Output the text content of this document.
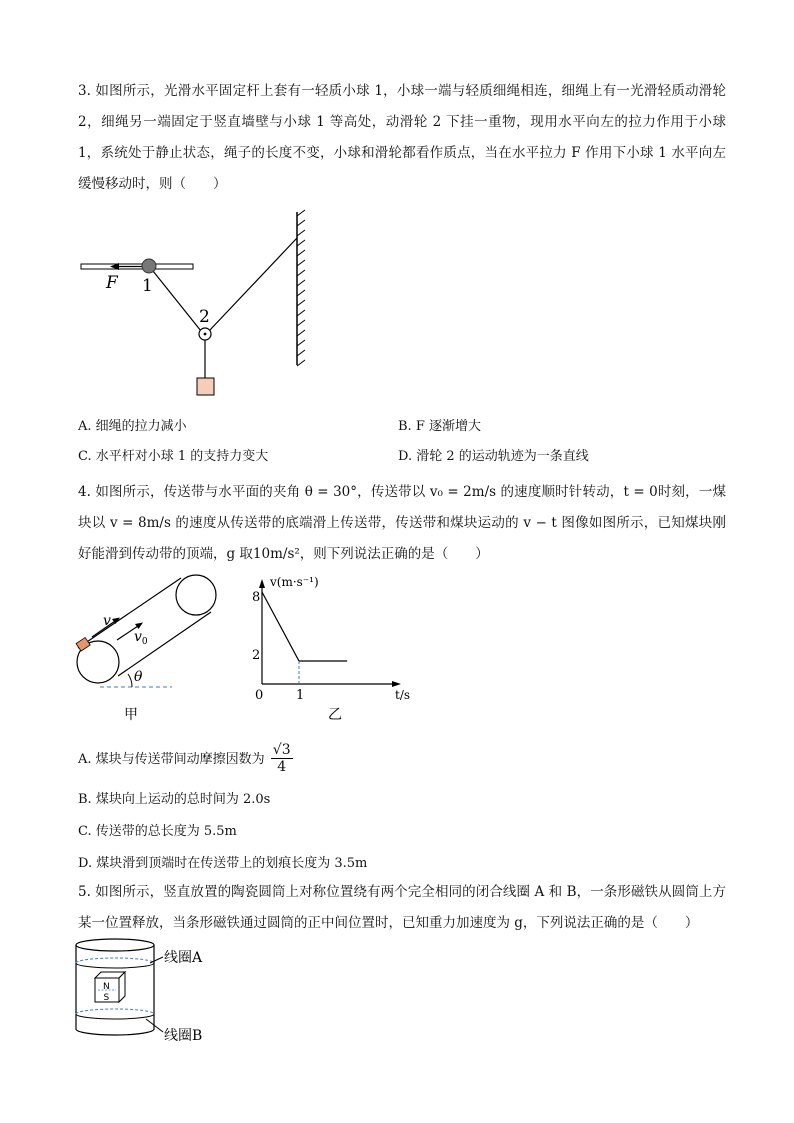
3. 如图所示，光滑水平固定杆上套有一轻质小球 1，小球一端与轻质细绳相连，细绳上有一光滑轻质动滑轮 2，细绳另一端固定于竖直墙壁与小球 1 等高处，动滑轮 2 下挂一重物，现用水平向左的拉力作用于小球 1，系统处于静止状态，绳子的长度不变，小球和滑轮都看作质点，当在水平拉力 F 作用下小球 1 水平向左缓慢移动时，则（　　）
F 1
2
A. 细绳的拉力减小	B. F 逐渐增大
C. 水平杆对小球 1 的支持力变大	D. 滑轮 2 的运动轨迹为一条直线
4. 如图所示，传送带与水平面的夹角 θ = 30°，传送带以 v₀ = 2m/s 的速度顺时针转动，t = 0时刻，一煤块以 v = 8m/s 的速度从传送带的底端滑上传送带，传送带和煤块运动的 v − t 图像如图所示，已知煤块刚好能滑到传动带的顶端，g 取10m/s²，则下列说法正确的是（　　）
θ
v
$v_0$
甲
v(m·s⁻¹)
t/s
8
2
0	1
乙
A. 煤块与传送带间动摩擦因数为 $\frac{√3}{4}$
B. 煤块向上运动的总时间为 2.0s
C. 传送带的总长度为 5.5m
D. 煤块滑到顶端时在传送带上的划痕长度为 3.5m
5. 如图所示，竖直放置的陶瓷圆筒上对称位置绕有两个完全相同的闭合线圈 A 和 B，一条形磁铁从圆筒上方某一位置释放，当条形磁铁通过圆筒的正中间位置时，已知重力加速度为 g，下列说法正确的是（　　）
线圈A
线圈B
N
S
